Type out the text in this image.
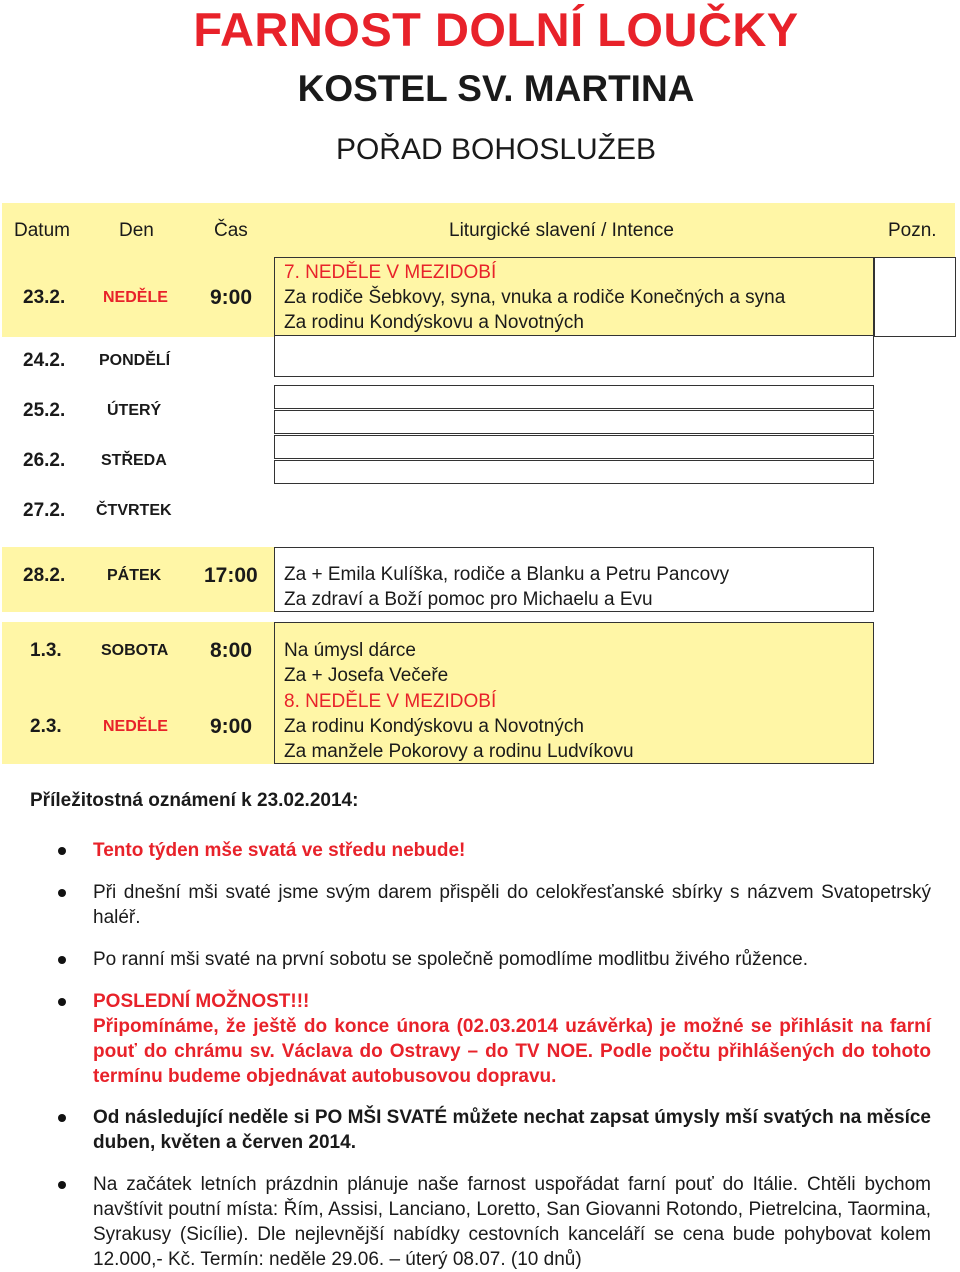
FARNOST DOLNÍ LOUČKY
KOSTEL SV. MARTINA
POŘAD BOHOSLUŽEB
Datum	Den	Čas	Liturgické slavení / Intence	Pozn.
23.2. NEDĚLE 9:00
7. NEDĚLE V MEZIDOBÍ
Za rodiče Šebkovy, syna, vnuka a rodiče Konečných a syna
Za rodinu Kondýskovu a Novotných
24.2. PONDĚLÍ
25.2.	ÚTERÝ
26.2. STŘEDA
27.2. ČTVRTEK
28.2.	PÁTEK 17:00 Za + Emila Kulíška, rodiče a Blanku a Petru Pancovy
Za zdraví a Boží pomoc pro Michaelu a Evu
1.3. SOBOTA 8:00 Na úmysl dárce
Za + Josefa Večeře
2.3.	NEDĚLE 9:00
8. NEDĚLE V MEZIDOBÍ
Za rodinu Kondýskovu a Novotných
Za manžele Pokorovy a rodinu Ludvíkovu
Příležitostná oznámení k 23.02.2014:
Tento týden mše svatá ve středu nebude!
Při dnešní mši svaté jsme svým darem přispěli do celokřesťanské sbírky s názvem Svatopetrský haléř.
Po ranní mši svaté na první sobotu se společně pomodlíme modlitbu živého růžence.
POSLEDNÍ MOŽNOST!!!
Připomínáme, že ještě do konce února (02.03.2014 uzávěrka) je možné se přihlásit na farní pouť do chrámu sv. Václava do Ostravy – do TV NOE. Podle počtu přihlášených do tohoto termínu budeme objednávat autobusovou dopravu.
Od následující neděle si PO MŠI SVATÉ můžete nechat zapsat úmysly mší svatých na měsíce duben, květen a červen 2014.
Na začátek letních prázdnin plánuje naše farnost uspořádat farní pouť do Itálie. Chtěli bychom navštívit poutní místa: Řím, Assisi, Lanciano, Loretto, San Giovanni Rotondo, Pietrelcina, Taormina, Syrakusy (Sicílie). Dle nejlevnější nabídky cestovních kanceláří se cena bude pohybovat kolem 12.000,- Kč. Termín: neděle 29.06. – úterý 08.07. (10 dnů)
